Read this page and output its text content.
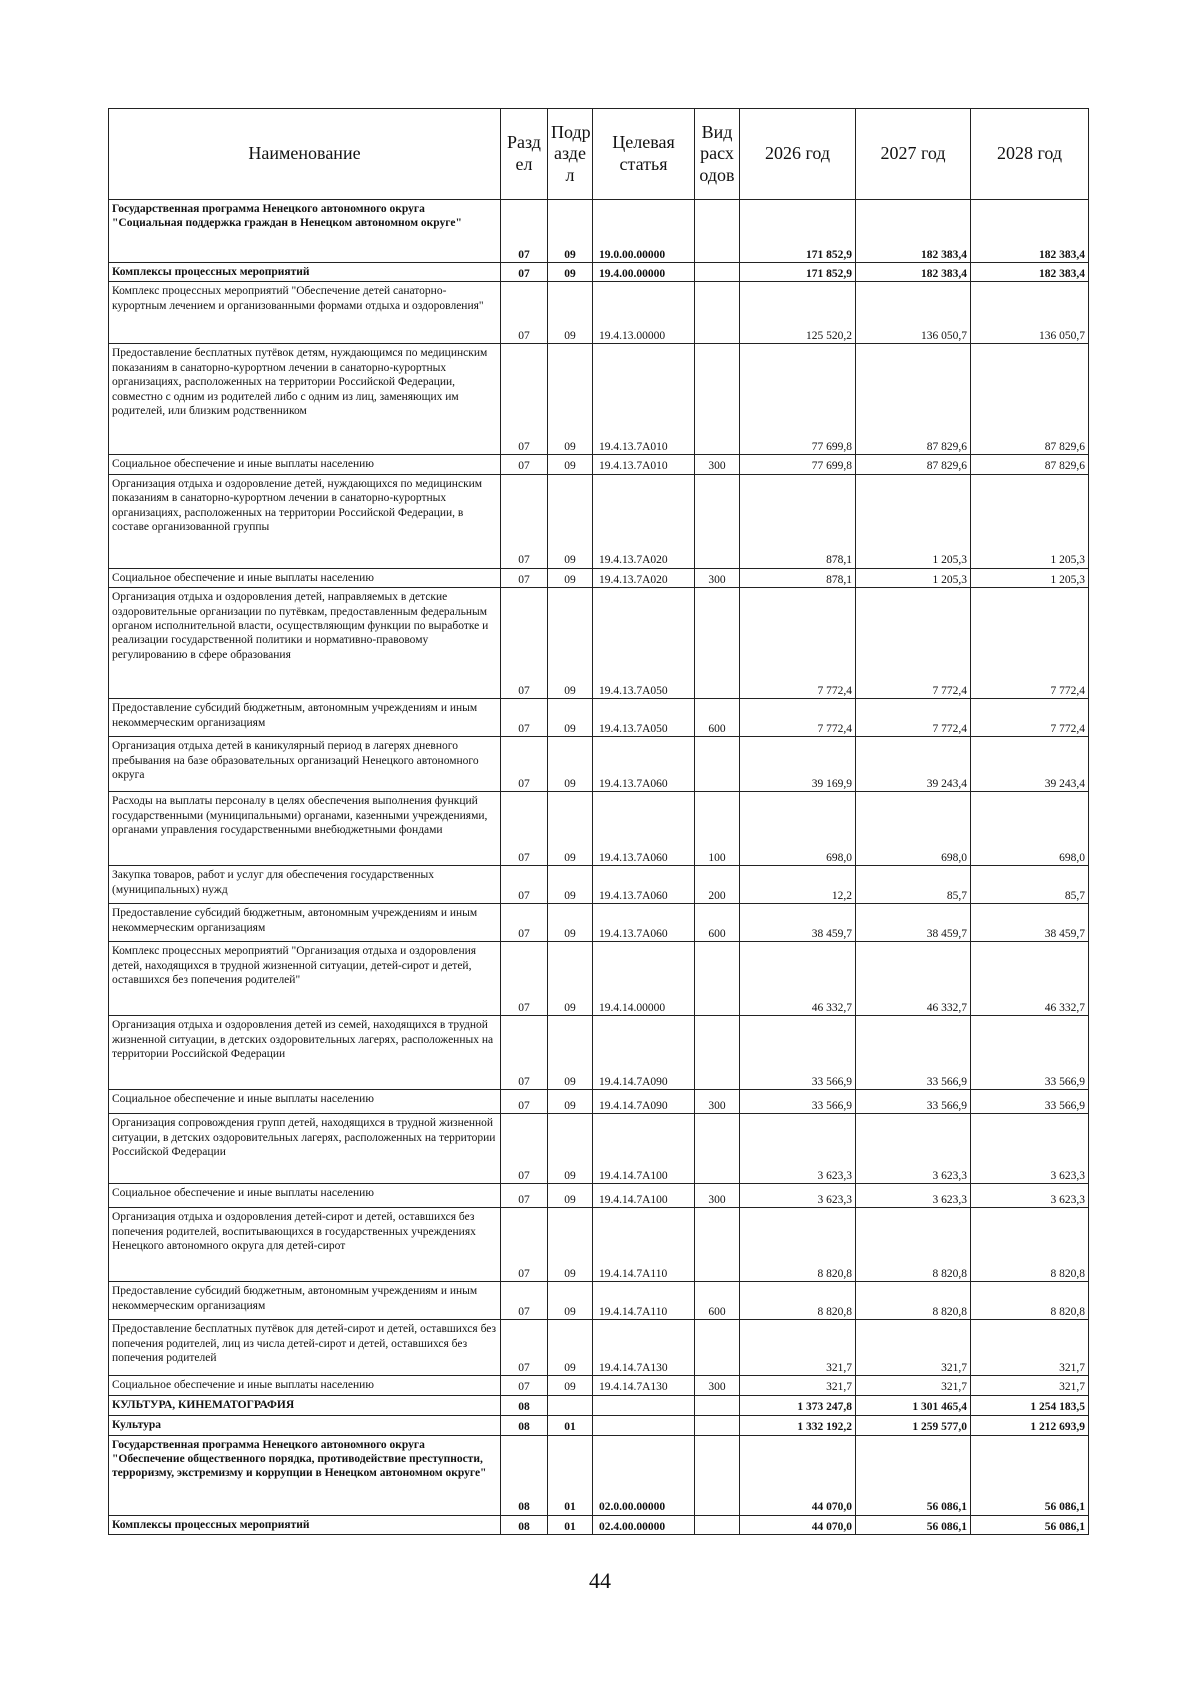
Наименование	Разд ел	Подр азде л	Целевая статья	Вид расх одов	2026 год	2027 год	2028 год
Государственная программа Ненецкого автономного округа "Социальная поддержка граждан в Ненецком автономном округе"	07	09	19.0.00.00000		171 852,9	182 383,4	182 383,4
Комплексы процессных мероприятий	07	09	19.4.00.00000		171 852,9	182 383,4	182 383,4
Комплекс процессных мероприятий "Обеспечение детей санаторно-курортным лечением и организованными формами отдыха и оздоровления"	07	09	19.4.13.00000		125 520,2	136 050,7	136 050,7
Предоставление бесплатных путёвок детям, нуждающимся по медицинским показаниям в санаторно-курортном лечении в санаторно-курортных организациях, расположенных на территории Российской Федерации, совместно с одним из родителей либо с одним из лиц, заменяющих им родителей, или близким родственником	07	09	19.4.13.7А010		77 699,8	87 829,6	87 829,6
Социальное обеспечение и иные выплаты населению	07	09	19.4.13.7А010	300	77 699,8	87 829,6	87 829,6
Организация отдыха и оздоровление детей, нуждающихся по медицинским показаниям в санаторно-курортном лечении в санаторно-курортных организациях, расположенных на территории Российской Федерации, в составе организованной группы	07	09	19.4.13.7А020		878,1	1 205,3	1 205,3
Социальное обеспечение и иные выплаты населению	07	09	19.4.13.7А020	300	878,1	1 205,3	1 205,3
Организация отдыха и оздоровления детей, направляемых в детские оздоровительные организации по путёвкам, предоставленным федеральным органом исполнительной власти, осуществляющим функции по выработке и реализации государственной политики и нормативно-правовому регулированию в сфере образования	07	09	19.4.13.7А050		7 772,4	7 772,4	7 772,4
Предоставление субсидий бюджетным, автономным учреждениям и иным некоммерческим организациям	07	09	19.4.13.7А050	600	7 772,4	7 772,4	7 772,4
Организация отдыха детей в каникулярный период в лагерях дневного пребывания на базе образовательных организаций Ненецкого автономного округа	07	09	19.4.13.7А060		39 169,9	39 243,4	39 243,4
Расходы на выплаты персоналу в целях обеспечения выполнения функций государственными (муниципальными) органами, казенными учреждениями, органами управления государственными внебюджетными фондами	07	09	19.4.13.7А060	100	698,0	698,0	698,0
Закупка товаров, работ и услуг для обеспечения государственных (муниципальных) нужд	07	09	19.4.13.7А060	200	12,2	85,7	85,7
Предоставление субсидий бюджетным, автономным учреждениям и иным некоммерческим организациям	07	09	19.4.13.7А060	600	38 459,7	38 459,7	38 459,7
Комплекс процессных мероприятий "Организация отдыха и оздоровления детей, находящихся в трудной жизненной ситуации, детей-сирот и детей, оставшихся без попечения родителей"	07	09	19.4.14.00000		46 332,7	46 332,7	46 332,7
Организация отдыха и оздоровления детей из семей, находящихся в трудной жизненной ситуации, в детских оздоровительных лагерях, расположенных на территории Российской Федерации	07	09	19.4.14.7А090		33 566,9	33 566,9	33 566,9
Социальное обеспечение и иные выплаты населению	07	09	19.4.14.7А090	300	33 566,9	33 566,9	33 566,9
Организация сопровождения групп детей, находящихся в трудной жизненной ситуации, в детских оздоровительных лагерях, расположенных на территории Российской Федерации	07	09	19.4.14.7А100		3 623,3	3 623,3	3 623,3
Социальное обеспечение и иные выплаты населению	07	09	19.4.14.7А100	300	3 623,3	3 623,3	3 623,3
Организация отдыха и оздоровления детей-сирот и детей, оставшихся без попечения родителей, воспитывающихся в государственных учреждениях Ненецкого автономного округа для детей-сирот	07	09	19.4.14.7А110		8 820,8	8 820,8	8 820,8
Предоставление субсидий бюджетным, автономным учреждениям и иным некоммерческим организациям	07	09	19.4.14.7А110	600	8 820,8	8 820,8	8 820,8
Предоставление бесплатных путёвок для детей-сирот и детей, оставшихся без попечения родителей, лиц из числа детей-сирот и детей, оставшихся без попечения родителей	07	09	19.4.14.7А130		321,7	321,7	321,7
Социальное обеспечение и иные выплаты населению	07	09	19.4.14.7А130	300	321,7	321,7	321,7
КУЛЬТУРА, КИНЕМАТОГРАФИЯ	08				1 373 247,8	1 301 465,4	1 254 183,5
Культура	08	01			1 332 192,2	1 259 577,0	1 212 693,9
Государственная программа Ненецкого автономного округа "Обеспечение общественного порядка, противодействие преступности, терроризму, экстремизму и коррупции в Ненецком автономном округе"	08	01	02.0.00.00000		44 070,0	56 086,1	56 086,1
Комплексы процессных мероприятий	08	01	02.4.00.00000		44 070,0	56 086,1	56 086,1
44
